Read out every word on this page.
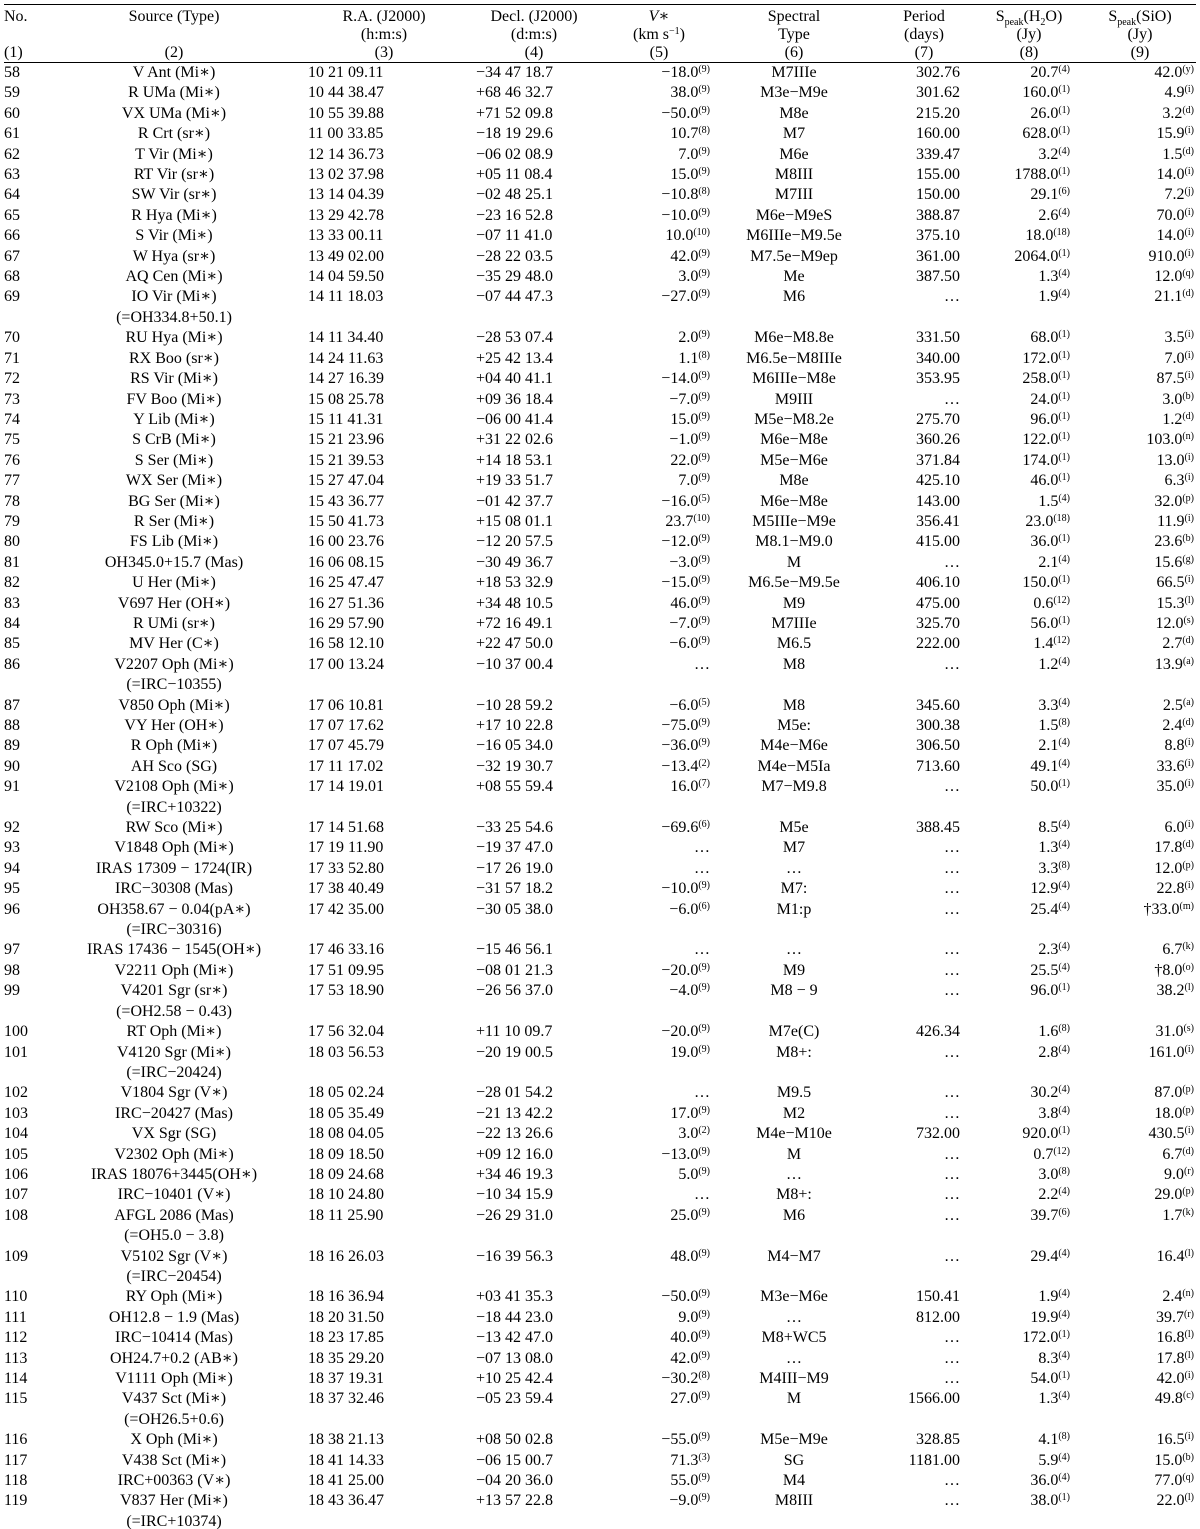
No.	Source (Type)	R.A. (J2000)	Decl. (J2000)	V∗	Spectral	Period	$S_{peak}(H_2O)$	$S_{peak}(SiO)$
		(h:m:s)	(d:m:s)	(km $s^{-1}$)	Type	(days)	(Jy)	(Jy)
(1)	(2)	(3)	(4)	(5)	(6)	(7)	(8)	(9)
58	V Ant (Mi∗)	10 21 09.11	−34 47 18.7	$-18.0^{(9)}$	M7IIIe	302.76	20.7$^{(4)}$	42.0$^{(y)}$
59	R UMa (Mi∗)	10 44 38.47	+68 46 32.7	38.0$^{(9)}$	M3e−M9e	301.62	160.0$^{(1)}$	4.9$^{(i)}$
60	VX UMa (Mi∗)	10 55 39.88	+71 52 09.8	$-50.0^{(9)}$	M8e	215.20	26.0$^{(1)}$	3.2$^{(d)}$
61	R Crt (sr∗)	11 00 33.85	−18 19 29.6	10.7$^{(8)}$	M7	160.00	628.0$^{(1)}$	15.9$^{(i)}$
62	T Vir (Mi∗)	12 14 36.73	−06 02 08.9	7.0$^{(9)}$	M6e	339.47	3.2$^{(4)}$	1.5$^{(d)}$
63	RT Vir (sr∗)	13 02 37.98	+05 11 08.4	15.0$^{(9)}$	M8III	155.00	1788.0$^{(1)}$	14.0$^{(i)}$
64	SW Vir (sr∗)	13 14 04.39	−02 48 25.1	$-10.8^{(8)}$	M7III	150.00	29.1$^{(6)}$	7.2$^{(j)}$
65	R Hya (Mi∗)	13 29 42.78	−23 16 52.8	$-10.0^{(9)}$	M6e−M9eS	388.87	2.6$^{(4)}$	70.0$^{(i)}$
66	S Vir (Mi∗)	13 33 00.11	−07 11 41.0	10.0$^{(10)}$	M6IIIe−M9.5e	375.10	18.0$^{(18)}$	14.0$^{(i)}$
67	W Hya (sr∗)	13 49 02.00	−28 22 03.5	42.0$^{(9)}$	M7.5e−M9ep	361.00	2064.0$^{(1)}$	910.0$^{(i)}$
68	AQ Cen (Mi∗)	14 04 59.50	−35 29 48.0	3.0$^{(9)}$	Me	387.50	1.3$^{(4)}$	12.0$^{(q)}$
69	IO Vir (Mi∗)	14 11 18.03	−07 44 47.3	$-27.0^{(9)}$	M6	…	1.9$^{(4)}$	21.1$^{(d)}$
	(=OH334.8+50.1)							
70	RU Hya (Mi∗)	14 11 34.40	−28 53 07.4	2.0$^{(9)}$	M6e−M8.8e	331.50	68.0$^{(1)}$	3.5$^{(i)}$
71	RX Boo (sr∗)	14 24 11.63	+25 42 13.4	1.1$^{(8)}$	M6.5e−M8IIIe	340.00	172.0$^{(1)}$	7.0$^{(i)}$
72	RS Vir (Mi∗)	14 27 16.39	+04 40 41.1	$-14.0^{(9)}$	M6IIIe−M8e	353.95	258.0$^{(1)}$	87.5$^{(i)}$
73	FV Boo (Mi∗)	15 08 25.78	+09 36 18.4	$-7.0^{(9)}$	M9III	…	24.0$^{(1)}$	3.0$^{(b)}$
74	Y Lib (Mi∗)	15 11 41.31	−06 00 41.4	15.0$^{(9)}$	M5e−M8.2e	275.70	96.0$^{(1)}$	1.2$^{(d)}$
75	S CrB (Mi∗)	15 21 23.96	+31 22 02.6	$-1.0^{(9)}$	M6e−M8e	360.26	122.0$^{(1)}$	103.0$^{(n)}$
76	S Ser (Mi∗)	15 21 39.53	+14 18 53.1	22.0$^{(9)}$	M5e−M6e	371.84	174.0$^{(1)}$	13.0$^{(i)}$
77	WX Ser (Mi∗)	15 27 47.04	+19 33 51.7	7.0$^{(9)}$	M8e	425.10	46.0$^{(1)}$	6.3$^{(i)}$
78	BG Ser (Mi∗)	15 43 36.77	−01 42 37.7	$-16.0^{(5)}$	M6e−M8e	143.00	1.5$^{(4)}$	32.0$^{(p)}$
79	R Ser (Mi∗)	15 50 41.73	+15 08 01.1	23.7$^{(10)}$	M5IIIe−M9e	356.41	23.0$^{(18)}$	11.9$^{(i)}$
80	FS Lib (Mi∗)	16 00 23.76	−12 20 57.5	$-12.0^{(9)}$	M8.1−M9.0	415.00	36.0$^{(1)}$	23.6$^{(b)}$
81	OH345.0+15.7 (Mas)	16 06 08.15	−30 49 36.7	$-3.0^{(9)}$	M	…	2.1$^{(4)}$	15.6$^{(g)}$
82	U Her (Mi∗)	16 25 47.47	+18 53 32.9	$-15.0^{(9)}$	M6.5e−M9.5e	406.10	150.0$^{(1)}$	66.5$^{(i)}$
83	V697 Her (OH∗)	16 27 51.36	+34 48 10.5	46.0$^{(9)}$	M9	475.00	0.6$^{(12)}$	15.3$^{(l)}$
84	R UMi (sr∗)	16 29 57.90	+72 16 49.1	$-7.0^{(9)}$	M7IIIe	325.70	56.0$^{(1)}$	12.0$^{(s)}$
85	MV Her (C∗)	16 58 12.10	+22 47 50.0	$-6.0^{(9)}$	M6.5	222.00	1.4$^{(12)}$	2.7$^{(d)}$
86	V2207 Oph (Mi∗)	17 00 13.24	−10 37 00.4	…	M8	…	1.2$^{(4)}$	13.9$^{(a)}$
	(=IRC−10355)							
87	V850 Oph (Mi∗)	17 06 10.81	−10 28 59.2	$-6.0^{(5)}$	M8	345.60	3.3$^{(4)}$	2.5$^{(a)}$
88	VY Her (OH∗)	17 07 17.62	+17 10 22.8	$-75.0^{(9)}$	M5e:	300.38	1.5$^{(8)}$	2.4$^{(d)}$
89	R Oph (Mi∗)	17 07 45.79	−16 05 34.0	$-36.0^{(9)}$	M4e−M6e	306.50	2.1$^{(4)}$	8.8$^{(i)}$
90	AH Sco (SG)	17 11 17.02	−32 19 30.7	$-13.4^{(2)}$	M4e−M5Ia	713.60	49.1$^{(4)}$	33.6$^{(i)}$
91	V2108 Oph (Mi∗)	17 14 19.01	+08 55 59.4	16.0$^{(7)}$	M7−M9.8	…	50.0$^{(1)}$	35.0$^{(i)}$
	(=IRC+10322)							
92	RW Sco (Mi∗)	17 14 51.68	−33 25 54.6	$-69.6^{(6)}$	M5e	388.45	8.5$^{(4)}$	6.0$^{(i)}$
93	V1848 Oph (Mi∗)	17 19 11.90	−19 37 47.0	…	M7	…	1.3$^{(4)}$	17.8$^{(d)}$
94	IRAS 17309 − 1724(IR)	17 33 52.80	−17 26 19.0	…	…	…	3.3$^{(8)}$	12.0$^{(p)}$
95	IRC−30308 (Mas)	17 38 40.49	−31 57 18.2	$-10.0^{(9)}$	M7:	…	12.9$^{(4)}$	22.8$^{(i)}$
96	OH358.67 − 0.04(pA∗)	17 42 35.00	−30 05 38.0	$-6.0^{(6)}$	M1:p	…	25.4$^{(4)}$	†33.0$^{(m)}$
	(=IRC−30316)							
97	IRAS 17436 − 1545(OH∗)	17 46 33.16	−15 46 56.1	…	…	…	2.3$^{(4)}$	6.7$^{(k)}$
98	V2211 Oph (Mi∗)	17 51 09.95	−08 01 21.3	$-20.0^{(9)}$	M9	…	25.5$^{(4)}$	†8.0$^{(o)}$
99	V4201 Sgr (sr∗)	17 53 18.90	−26 56 37.0	$-4.0^{(9)}$	M8 − 9	…	96.0$^{(1)}$	38.2$^{(l)}$
	(=OH2.58 − 0.43)							
100	RT Oph (Mi∗)	17 56 32.04	+11 10 09.7	$-20.0^{(9)}$	M7e(C)	426.34	1.6$^{(8)}$	31.0$^{(s)}$
101	V4120 Sgr (Mi∗)	18 03 56.53	−20 19 00.5	19.0$^{(9)}$	M8+:	…	2.8$^{(4)}$	161.0$^{(i)}$
	(=IRC−20424)							
102	V1804 Sgr (V∗)	18 05 02.24	−28 01 54.2	…	M9.5	…	30.2$^{(4)}$	87.0$^{(p)}$
103	IRC−20427 (Mas)	18 05 35.49	−21 13 42.2	17.0$^{(9)}$	M2	…	3.8$^{(4)}$	18.0$^{(p)}$
104	VX Sgr (SG)	18 08 04.05	−22 13 26.6	3.0$^{(2)}$	M4e−M10e	732.00	920.0$^{(1)}$	430.5$^{(i)}$
105	V2302 Oph (Mi∗)	18 09 18.50	+09 12 16.0	$-13.0^{(9)}$	M	…	0.7$^{(12)}$	6.7$^{(d)}$
106	IRAS 18076+3445(OH∗)	18 09 24.68	+34 46 19.3	5.0$^{(9)}$	…	…	3.0$^{(8)}$	9.0$^{(r)}$
107	IRC−10401 (V∗)	18 10 24.80	−10 34 15.9	…	M8+:	…	2.2$^{(4)}$	29.0$^{(p)}$
108	AFGL 2086 (Mas)	18 11 25.90	−26 29 31.0	25.0$^{(9)}$	M6	…	39.7$^{(6)}$	1.7$^{(k)}$
	(=OH5.0 − 3.8)							
109	V5102 Sgr (V∗)	18 16 26.03	−16 39 56.3	48.0$^{(9)}$	M4−M7	…	29.4$^{(4)}$	16.4$^{(l)}$
	(=IRC−20454)							
110	RY Oph (Mi∗)	18 16 36.94	+03 41 35.3	$-50.0^{(9)}$	M3e−M6e	150.41	1.9$^{(4)}$	2.4$^{(n)}$
111	OH12.8 − 1.9 (Mas)	18 20 31.50	−18 44 23.0	9.0$^{(9)}$	…	812.00	19.9$^{(4)}$	39.7$^{(r)}$
112	IRC−10414 (Mas)	18 23 17.85	−13 42 47.0	40.0$^{(9)}$	M8+WC5	…	172.0$^{(1)}$	16.8$^{(l)}$
113	OH24.7+0.2 (AB∗)	18 35 29.20	−07 13 08.0	42.0$^{(9)}$	…	…	8.3$^{(4)}$	17.8$^{(l)}$
114	V1111 Oph (Mi∗)	18 37 19.31	+10 25 42.4	$-30.2^{(8)}$	M4III−M9	…	54.0$^{(1)}$	42.0$^{(i)}$
115	V437 Sct (Mi∗)	18 37 32.46	−05 23 59.4	27.0$^{(9)}$	M	1566.00	1.3$^{(4)}$	49.8$^{(c)}$
	(=OH26.5+0.6)							
116	X Oph (Mi∗)	18 38 21.13	+08 50 02.8	$-55.0^{(9)}$	M5e−M9e	328.85	4.1$^{(8)}$	16.5$^{(i)}$
117	V438 Sct (Mi∗)	18 41 14.33	−06 15 00.7	71.3$^{(3)}$	SG	1181.00	5.9$^{(4)}$	15.0$^{(b)}$
118	IRC+00363 (V∗)	18 41 25.00	−04 20 36.0	55.0$^{(9)}$	M4	…	36.0$^{(4)}$	77.0$^{(q)}$
119	V837 Her (Mi∗)	18 43 36.47	+13 57 22.8	$-9.0^{(9)}$	M8III	…	38.0$^{(1)}$	22.0$^{(l)}$
	(=IRC+10374)							
